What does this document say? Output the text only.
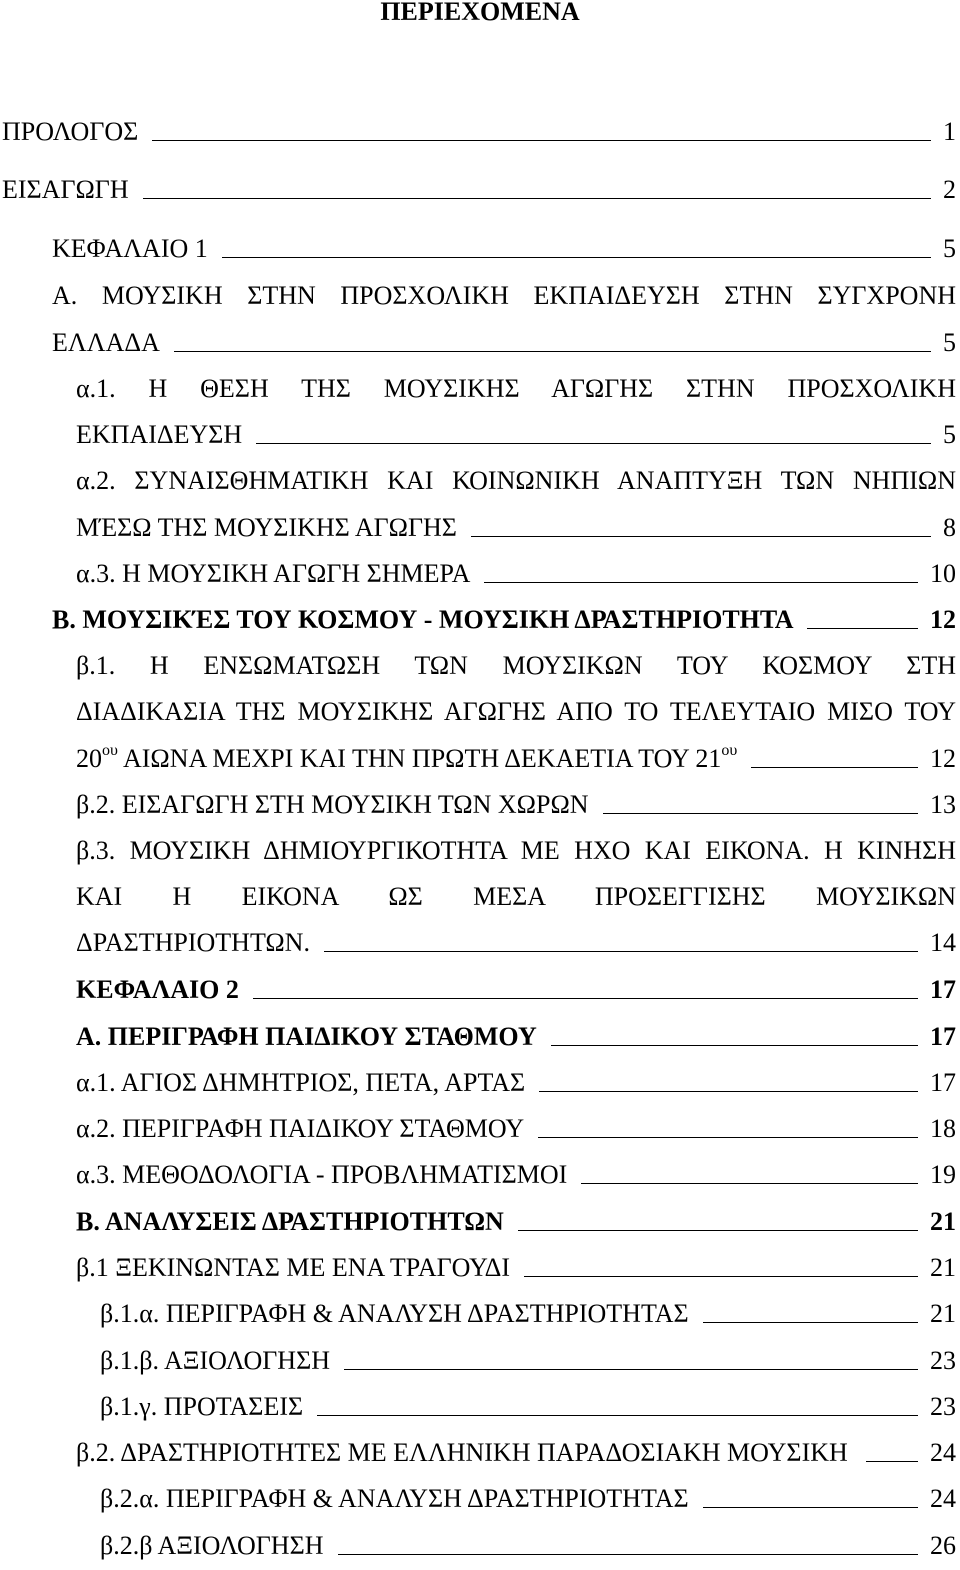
ΠΕΡΙΕΧΟΜΕΝΑ
ΠΡΟΛΟΓΟΣ	1
ΕΙΣΑΓΩΓΗ	2
ΚΕΦΑΛΑΙΟ 1	5
Α. ΜΟΥΣΙΚΗ ΣΤΗΝ ΠΡΟΣΧΟΛΙΚΗ ΕΚΠΑΙΔΕΥΣΗ ΣΤΗΝ ΣΥΓΧΡΟΝΗ
ΕΛΛΑΔΑ	5
α.1. Η ΘΕΣΗ ΤΗΣ ΜΟΥΣΙΚΗΣ ΑΓΩΓΗΣ ΣΤΗΝ ΠΡΟΣΧΟΛΙΚΗ
ΕΚΠΑΙΔΕΥΣΗ	5
α.2. ΣΥΝΑΙΣΘΗΜΑΤΙΚΗ ΚΑΙ ΚΟΙΝΩΝΙΚΗ ΑΝΑΠΤΥΞΗ ΤΩΝ ΝΗΠΙΩΝ
ΜΈΣΩ ΤΗΣ ΜΟΥΣΙΚΗΣ ΑΓΩΓΗΣ	8
α.3. Η ΜΟΥΣΙΚΗ ΑΓΩΓΗ ΣΗΜΕΡΑ	10
Β. ΜΟΥΣΙΚΈΣ ΤΟΥ ΚΟΣΜΟΥ - ΜΟΥΣΙΚΗ ΔΡΑΣΤΗΡΙΟΤΗΤΑ	12
β.1. Η ΕΝΣΩΜΑΤΩΣΗ ΤΩΝ ΜΟΥΣΙΚΩΝ ΤΟΥ ΚΟΣΜΟΥ ΣΤΗ
ΔΙΑΔΙΚΑΣΙΑ ΤΗΣ ΜΟΥΣΙΚΗΣ ΑΓΩΓΗΣ ΑΠΟ ΤΟ ΤΕΛΕΥΤΑΙΟ ΜΙΣΟ ΤΟΥ
$20^{o\upsilon}$ ΑΙΩΝΑ ΜΕΧΡΙ ΚΑΙ ΤΗΝ ΠΡΩΤΗ ΔΕΚΑΕΤΙΑ ΤΟΥ $21^{o\upsilon}$	12
β.2. ΕΙΣΑΓΩΓΗ ΣΤΗ ΜΟΥΣΙΚΗ ΤΩΝ ΧΩΡΩΝ	13
β.3. ΜΟΥΣΙΚΗ ΔΗΜΙΟΥΡΓΙΚΟΤΗΤΑ ΜΕ ΗΧΟ ΚΑΙ ΕΙΚΟΝΑ. Η ΚΙΝΗΣΗ
ΚΑΙ Η ΕΙΚΟΝΑ ΩΣ ΜΕΣΑ ΠΡΟΣΕΓΓΙΣΗΣ ΜΟΥΣΙΚΩΝ
ΔΡΑΣΤΗΡΙΟΤΗΤΩΝ.	14
ΚΕΦΑΛΑΙΟ 2	17
Α. ΠΕΡΙΓΡΑΦΗ ΠΑΙΔΙΚΟΥ ΣΤΑΘΜΟΥ	17
α.1. ΑΓΙΟΣ ΔΗΜΗΤΡΙΟΣ, ΠΕΤΑ, ΑΡΤΑΣ	17
α.2. ΠΕΡΙΓΡΑΦΗ ΠΑΙΔΙΚΟΥ ΣΤΑΘΜΟΥ	18
α.3. ΜΕΘΟΔΟΛΟΓΙΑ - ΠΡΟΒΛΗΜΑΤΙΣΜΟΙ	19
Β. ΑΝΑΛΥΣΕΙΣ ΔΡΑΣΤΗΡΙΟΤΗΤΩΝ	21
β.1 ΞΕΚΙΝΩΝΤΑΣ ΜΕ ΕΝΑ ΤΡΑΓΟΥΔΙ	21
β.1.α. ΠΕΡΙΓΡΑΦΗ & ΑΝΑΛΥΣΗ ΔΡΑΣΤΗΡΙΟΤΗΤΑΣ	21
β.1.β. ΑΞΙΟΛΟΓΗΣΗ	23
β.1.γ. ΠΡΟΤΑΣΕΙΣ	23
β.2. ΔΡΑΣΤΗΡΙΟΤΗΤΕΣ ΜΕ ΕΛΛΗΝΙΚΗ ΠΑΡΑΔΟΣΙΑΚΗ ΜΟΥΣΙΚΗ	24
β.2.α. ΠΕΡΙΓΡΑΦΗ & ΑΝΑΛΥΣΗ ΔΡΑΣΤΗΡΙΟΤΗΤΑΣ	24
β.2.β ΑΞΙΟΛΟΓΗΣΗ	26
